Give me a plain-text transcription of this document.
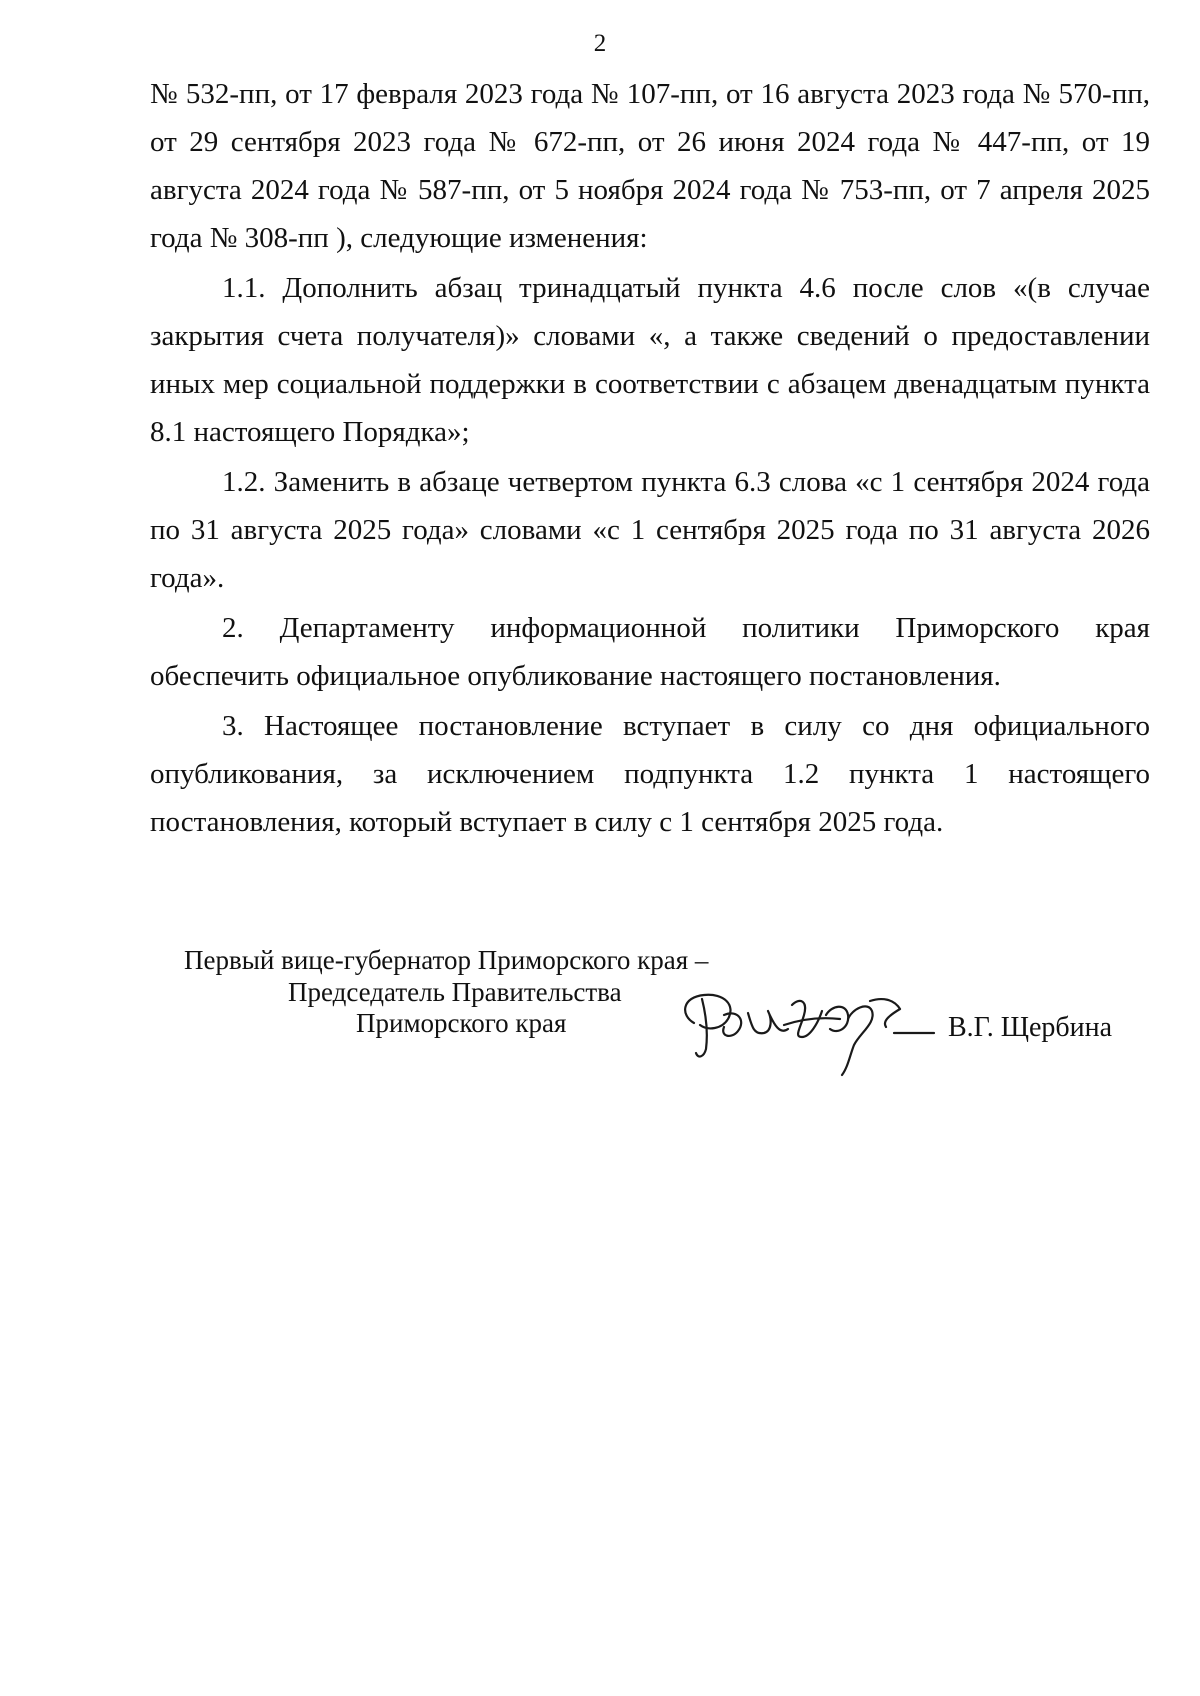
2

№ 532-пп, от 17 февраля 2023 года № 107-пп, от 16 августа 2023 года № 570-пп, от 29 сентября 2023 года № 672-пп, от 26 июня 2024 года № 447-пп, от 19 августа 2024 года № 587-пп, от 5 ноября 2024 года № 753-пп, от 7 апреля 2025 года № 308-пп ), следующие изменения:

1.1. Дополнить абзац тринадцатый пункта 4.6 после слов «(в случае закрытия счета получателя)» словами «, а также сведений о предоставлении иных мер социальной поддержки в соответствии с абзацем двенадцатым пункта 8.1 настоящего Порядка»;

1.2. Заменить в абзаце четвертом пункта 6.3 слова «с 1 сентября 2024 года по 31 августа 2025 года» словами «с 1 сентября 2025 года по 31 августа 2026 года».

2. Департаменту информационной политики Приморского края обеспечить официальное опубликование настоящего постановления.

3. Настоящее постановление вступает в силу со дня официального опубликования, за исключением подпункта 1.2 пункта 1 настоящего постановления, который вступает в силу с 1 сентября 2025 года.

Первый вице-губернатор Приморского края –
Председатель Правительства
Приморского края	В.Г. Щербина
